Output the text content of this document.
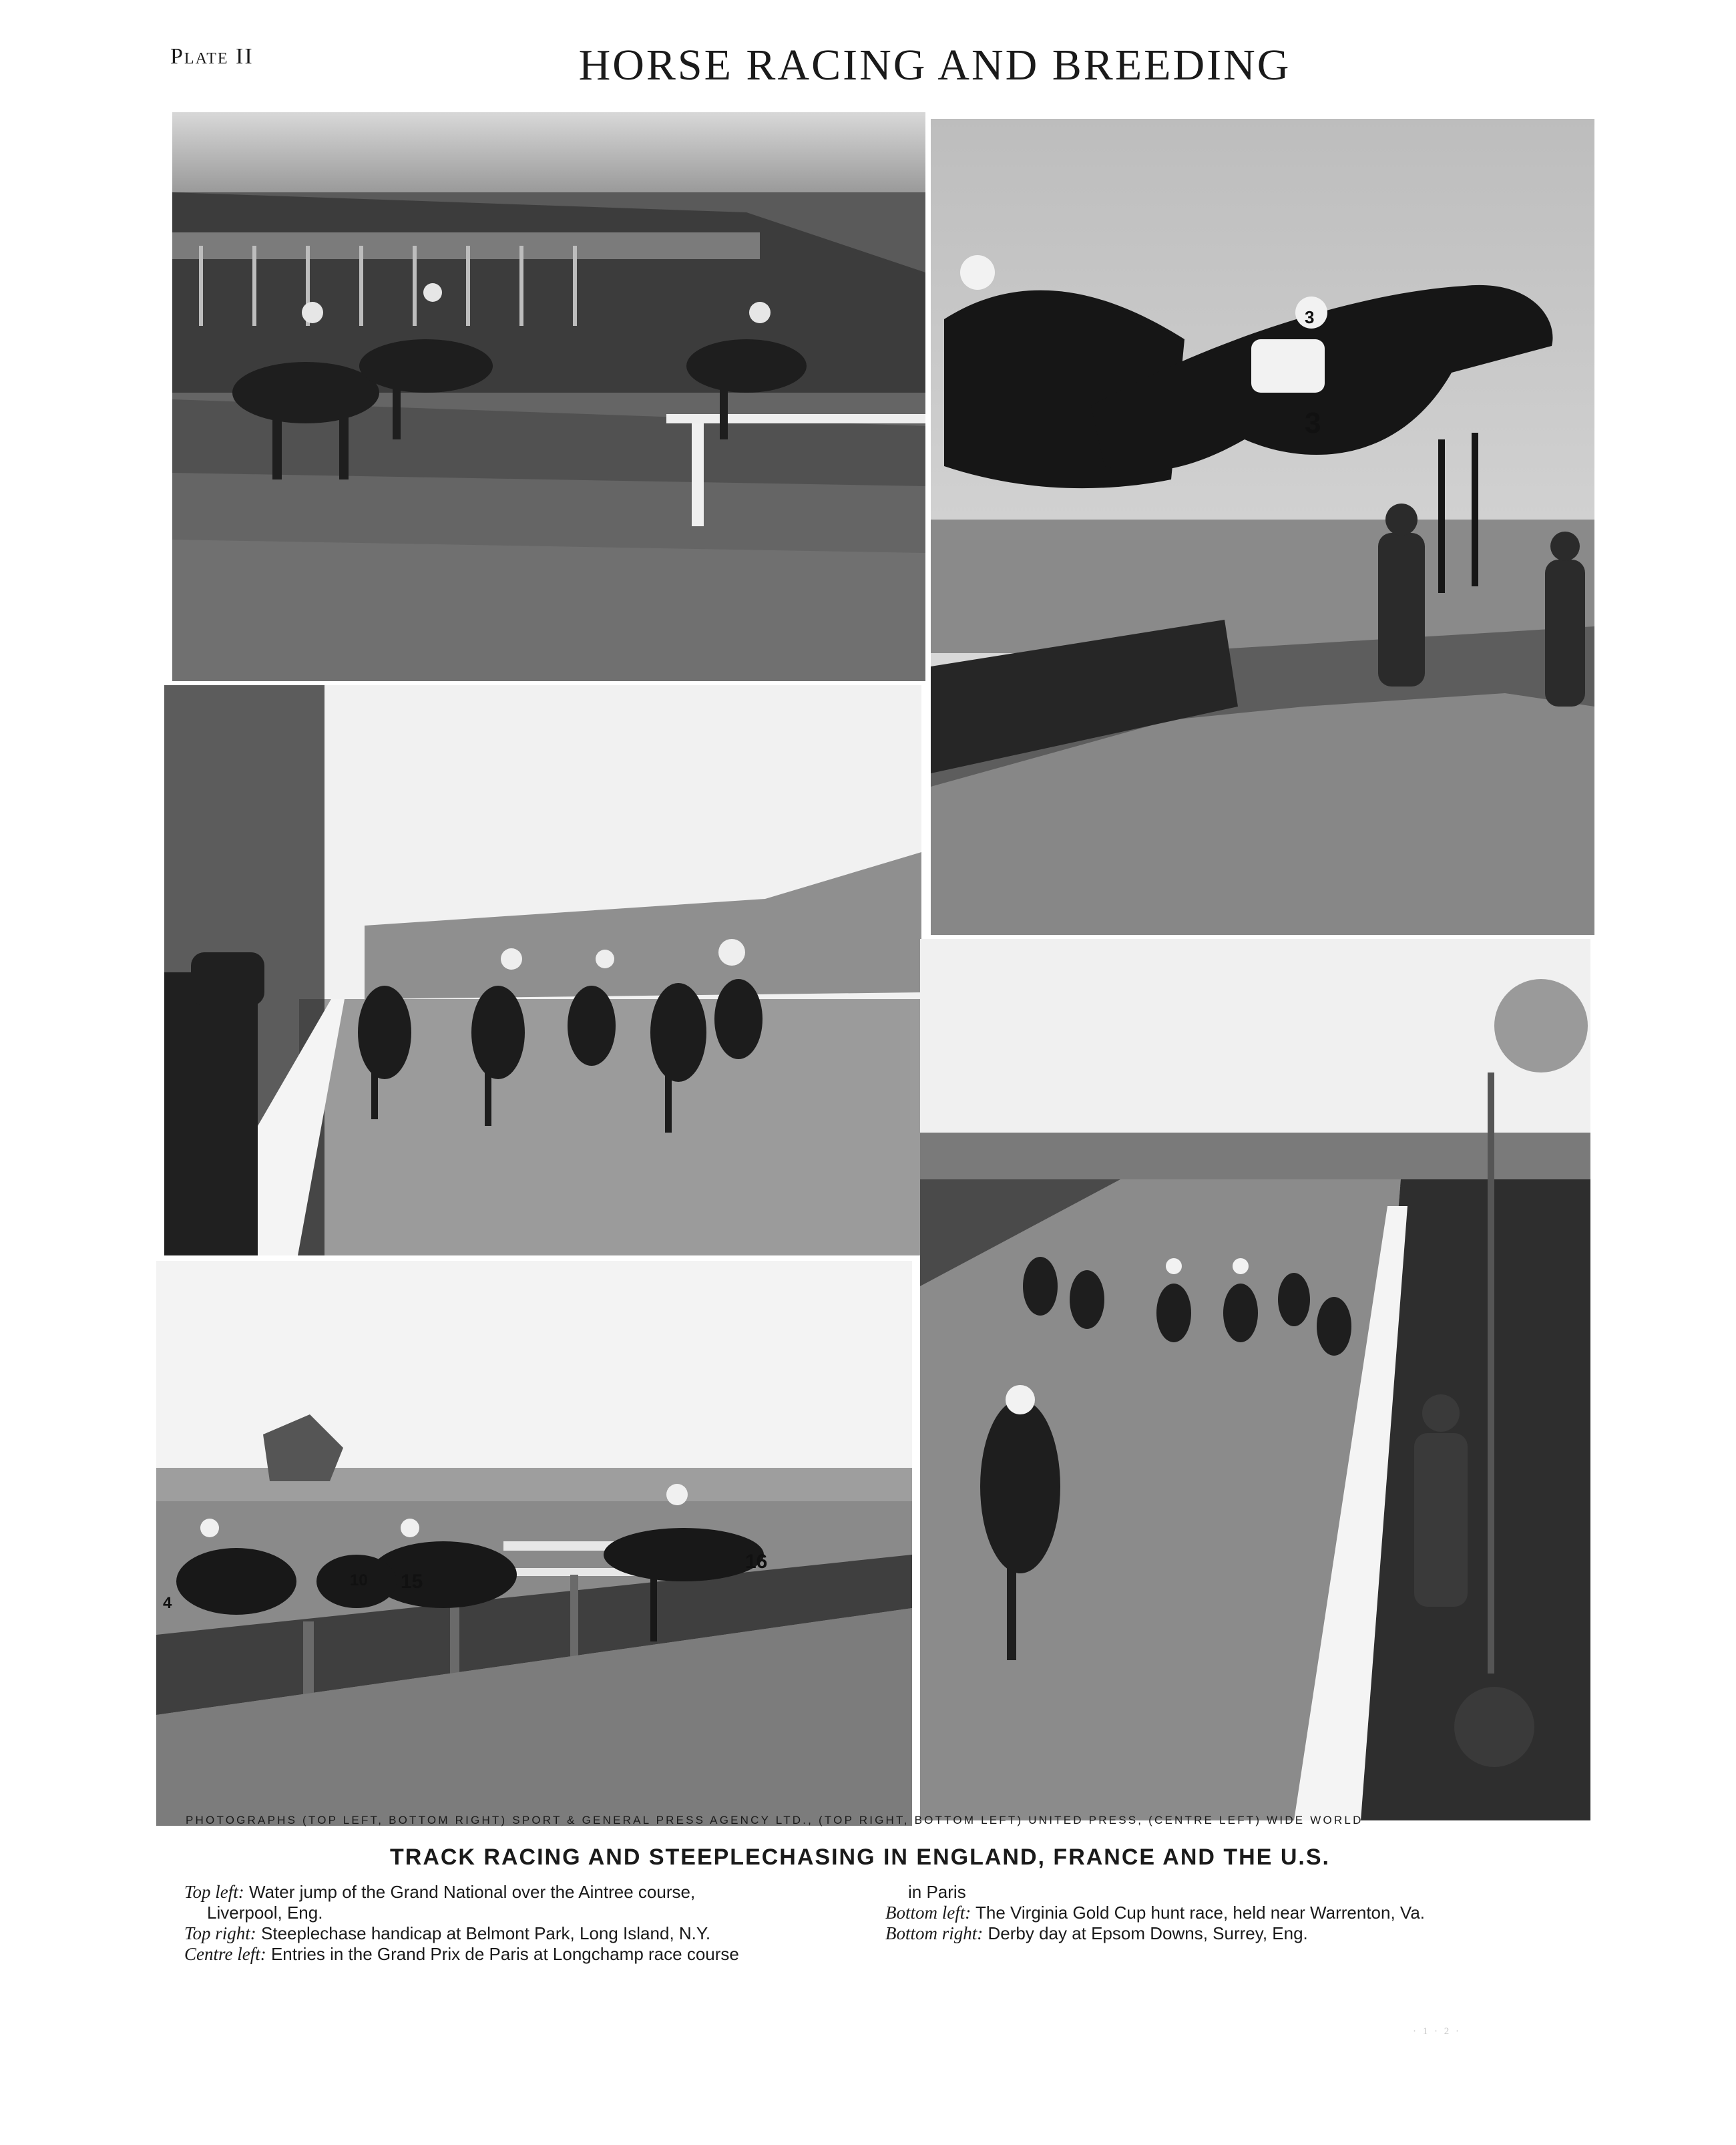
Plate II	HORSE RACING AND BREEDING
3
3
16
15
10
4
PHOTOGRAPHS (TOP LEFT, BOTTOM RIGHT) SPORT & GENERAL PRESS AGENCY LTD., (TOP RIGHT, BOTTOM LEFT) UNITED PRESS, (CENTRE LEFT) WIDE WORLD
TRACK RACING AND STEEPLECHASING IN ENGLAND, FRANCE AND THE U.S.

Top left: Water jump of the Grand National over the Aintree course,

Liverpool, Eng.

Top right: Steeplechase handicap at Belmont Park, Long Island, N.Y.

Centre left: Entries in the Grand Prix de Paris at Longchamp race course

in Paris

Bottom left: The Virginia Gold Cup hunt race, held near Warrenton, Va.

Bottom right: Derby day at Epsom Downs, Surrey, Eng.

· 1 · 2 ·
